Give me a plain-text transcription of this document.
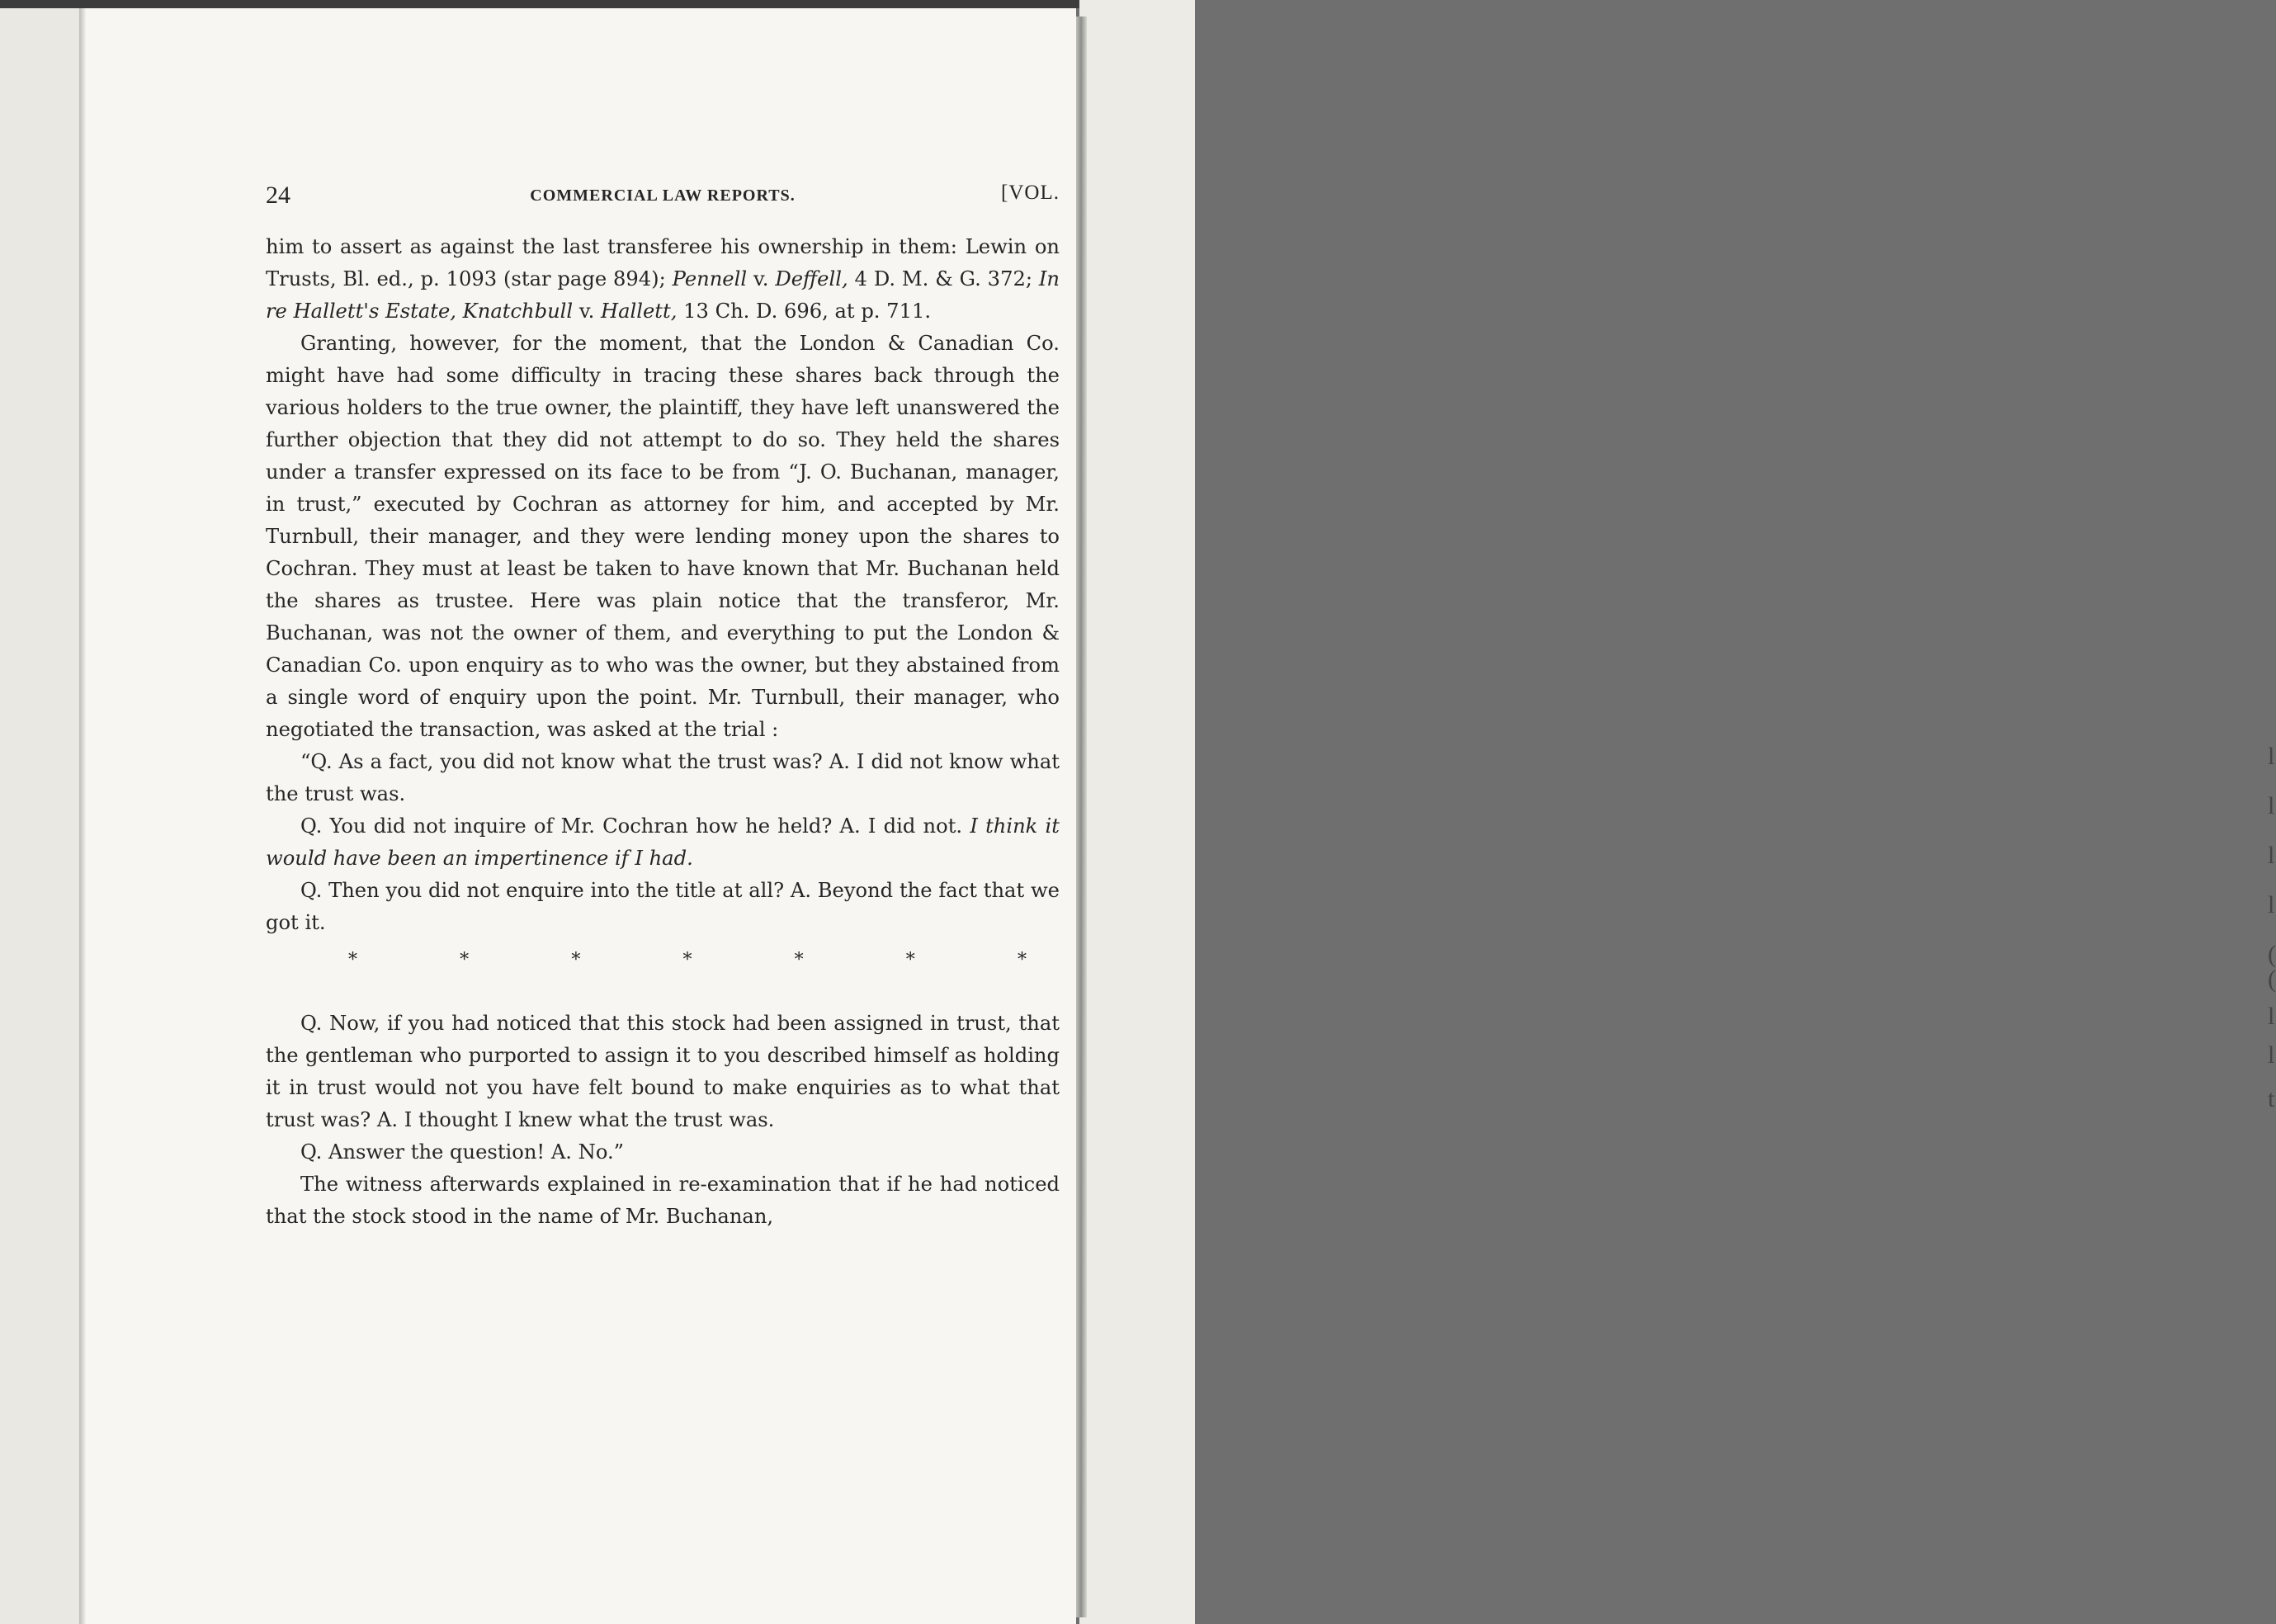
l
l
l
l
(
(
l
l
t
24	COMMERCIAL LAW REPORTS.	[VOL.

him to assert as against the last transferee his ownership in them: Lewin on Trusts, Bl. ed., p. 1093 (star page 894); Pennell v. Deffell, 4 D. M. & G. 372; In re Hallett's Estate, Knatchbull v. Hallett, 13 Ch. D. 696, at p. 711.

Granting, however, for the moment, that the London & Canadian Co. might have had some difficulty in tracing these shares back through the various holders to the true owner, the plaintiff, they have left unanswered the further objection that they did not attempt to do so. They held the shares under a transfer expressed on its face to be from “J. O. Buchanan, manager, in trust,” executed by Cochran as attorney for him, and accepted by Mr. Turnbull, their manager, and they were lending money upon the shares to Cochran. They must at least be taken to have known that Mr. Buchanan held the shares as trustee. Here was plain notice that the transferor, Mr. Buchanan, was not the owner of them, and everything to put the London & Canadian Co. upon enquiry as to who was the owner, but they abstained from a single word of enquiry upon the point. Mr. Turnbull, their manager, who negotiated the transaction, was asked at the trial :

“Q. As a fact, you did not know what the trust was? A. I did not know what the trust was.

Q. You did not inquire of Mr. Cochran how he held? A. I did not. I think it would have been an impertinence if I had.

Q. Then you did not enquire into the title at all? A. Beyond the fact that we got it.

*	*	*	*	*	*	*

Q. Now, if you had noticed that this stock had been assigned in trust, that the gentleman who purported to assign it to you described himself as holding it in trust would not you have felt bound to make enquiries as to what that trust was? A. I thought I knew what the trust was.

Q. Answer the question! A. No.”

The witness afterwards explained in re-examination that if he had noticed that the stock stood in the name of Mr. Buchanan,
